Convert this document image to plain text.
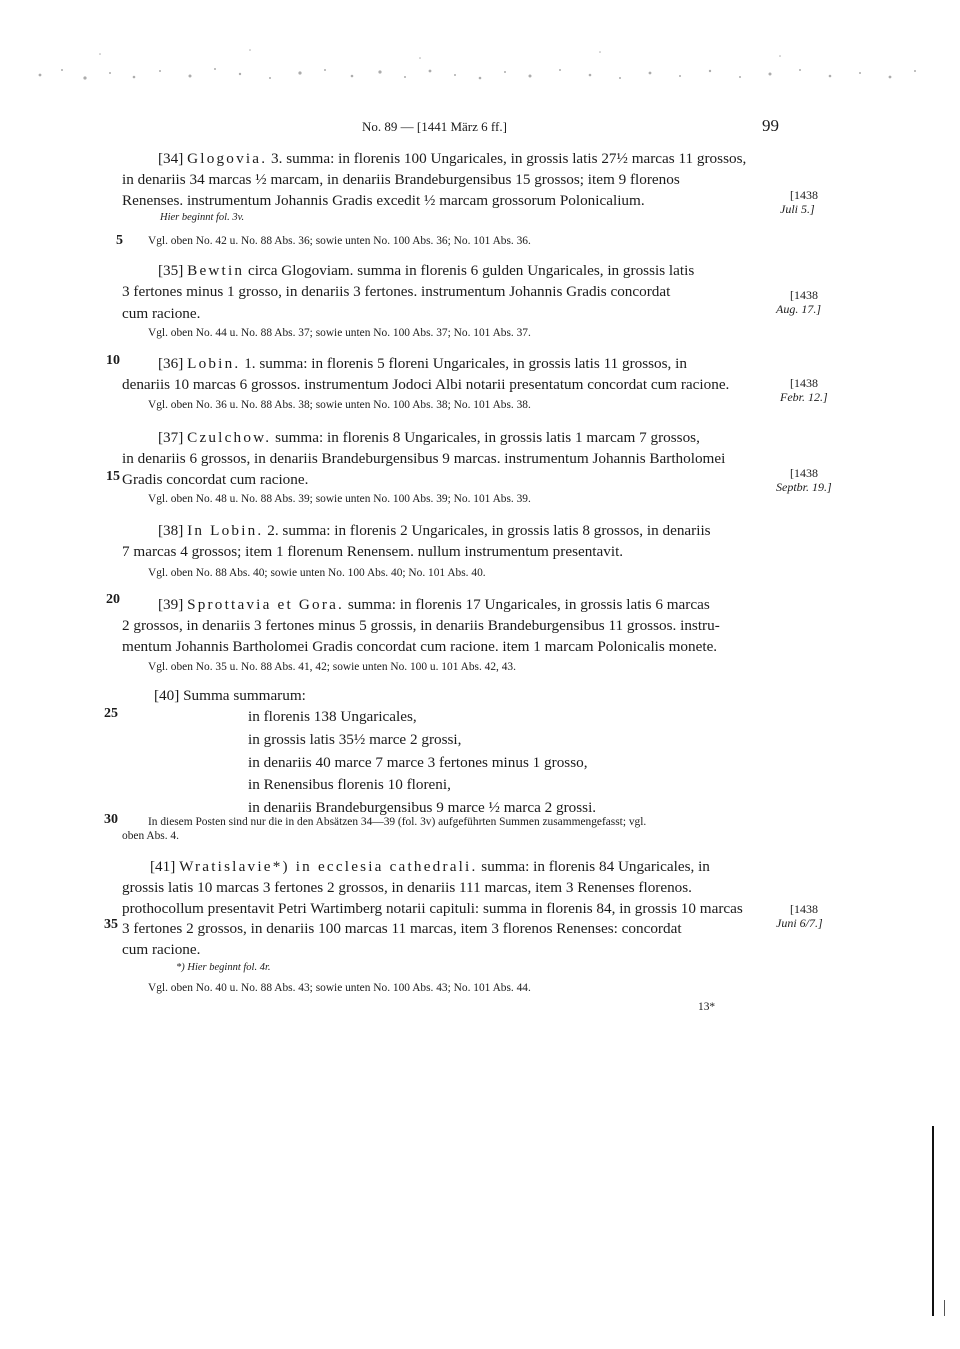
No. 89 — [1441 März 6 ff.]	99
5
10
15
20
25
30
35
[34] Glogovia. 3. summa: in florenis 100 Ungaricales, in grossis latis 27½ marcas 11 grossos,
in denariis 34 marcas ½ marcam, in denariis Brandeburgensibus 15 grossos; item 9 florenos
Renenses. instrumentum Johannis Gradis excedit ½ marcam grossorum Polonicalium.
Hier beginnt fol. 3v.
Vgl. oben No. 42 u. No. 88 Abs. 36; sowie unten No. 100 Abs. 36; No. 101 Abs. 36.
[1438
Juli 5.]
[35] Bewtin circa Glogoviam. summa in florenis 6 gulden Ungaricales, in grossis latis
3 fertones minus 1 grosso, in denariis 3 fertones. instrumentum Johannis Gradis concordat
cum racione.
Vgl. oben No. 44 u. No. 88 Abs. 37; sowie unten No. 100 Abs. 37; No. 101 Abs. 37.
[1438
Aug. 17.]
[36] Lobin. 1. summa: in florenis 5 floreni Ungaricales, in grossis latis 11 grossos, in
denariis 10 marcas 6 grossos. instrumentum Jodoci Albi notarii presentatum concordat cum racione.
Vgl. oben No. 36 u. No. 88 Abs. 38; sowie unten No. 100 Abs. 38; No. 101 Abs. 38.
[1438
Febr. 12.]
[37] Czulchow. summa: in florenis 8 Ungaricales, in grossis latis 1 marcam 7 grossos,
in denariis 6 grossos, in denariis Brandeburgensibus 9 marcas. instrumentum Johannis Bartholomei
Gradis concordat cum racione.
Vgl. oben No. 48 u. No. 88 Abs. 39; sowie unten No. 100 Abs. 39; No. 101 Abs. 39.
[1438
Septbr. 19.]
[38] In Lobin. 2. summa: in florenis 2 Ungaricales, in grossis latis 8 grossos, in denariis
7 marcas 4 grossos; item 1 florenum Renensem. nullum instrumentum presentavit.
Vgl. oben No. 88 Abs. 40; sowie unten No. 100 Abs. 40; No. 101 Abs. 40.
[39] Sprottavia et Gora. summa: in florenis 17 Ungaricales, in grossis latis 6 marcas
2 grossos, in denariis 3 fertones minus 5 grossis, in denariis Brandeburgensibus 11 grossos. instru-
mentum Johannis Bartholomei Gradis concordat cum racione. item 1 marcam Polonicalis monete.
Vgl. oben No. 35 u. No. 88 Abs. 41, 42; sowie unten No. 100 u. 101 Abs. 42, 43.
[40] Summa summarum:
in florenis 138 Ungaricales,
in grossis latis 35½ marce 2 grossi,
in denariis 40 marce 7 marce 3 fertones minus 1 grosso,
in Renensibus florenis 10 floreni,
in denariis Brandeburgensibus 9 marce ½ marca 2 grossi.
In diesem Posten sind nur die in den Absätzen 34—39 (fol. 3v) aufgeführten Summen zusammengefasst; vgl.
oben Abs. 4.
[41] Wratislavie*) in ecclesia cathedrali. summa: in florenis 84 Ungaricales, in
grossis latis 10 marcas 3 fertones 2 grossos, in denariis 111 marcas, item 3 Renenses florenos.
prothocollum presentavit Petri Wartimberg notarii capituli: summa in florenis 84, in grossis 10 marcas
3 fertones 2 grossos, in denariis 100 marcas 11 marcas, item 3 florenos Renenses: concordat
cum racione.
*) Hier beginnt fol. 4r.
Vgl. oben No. 40 u. No. 88 Abs. 43; sowie unten No. 100 Abs. 43; No. 101 Abs. 44.
[1438
Juni 6/7.]
13*
